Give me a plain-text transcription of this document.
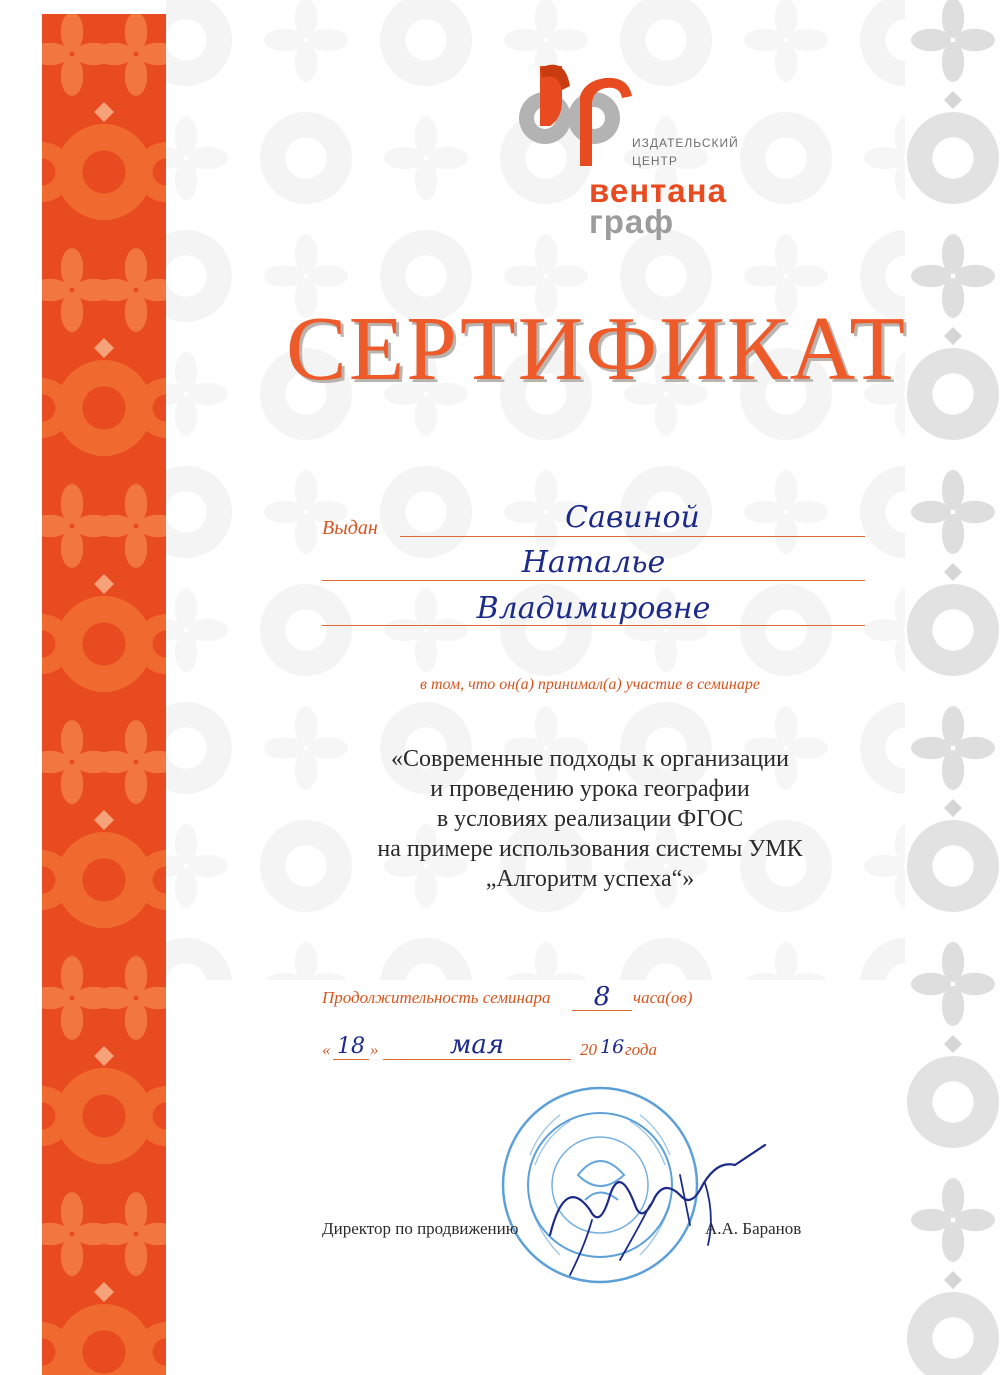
ИЗДАТЕЛЬСКИЙ
ЦЕНТР
вентана
граф
СЕРТИФИКАТ
Выдан	Савиной
Наталье
Владимировне
в том, что он(а) принимал(а) участие в семинаре
«Современные подходы к организации
и проведению урока географии
в условиях реализации ФГОС
на примере использования системы УМК
„Алгоритм успеха“»
Продолжительность семинара	8	часа(ов)
« 18 »	мая	20 16 года
Директор по продвижению	А.А. Баранов
